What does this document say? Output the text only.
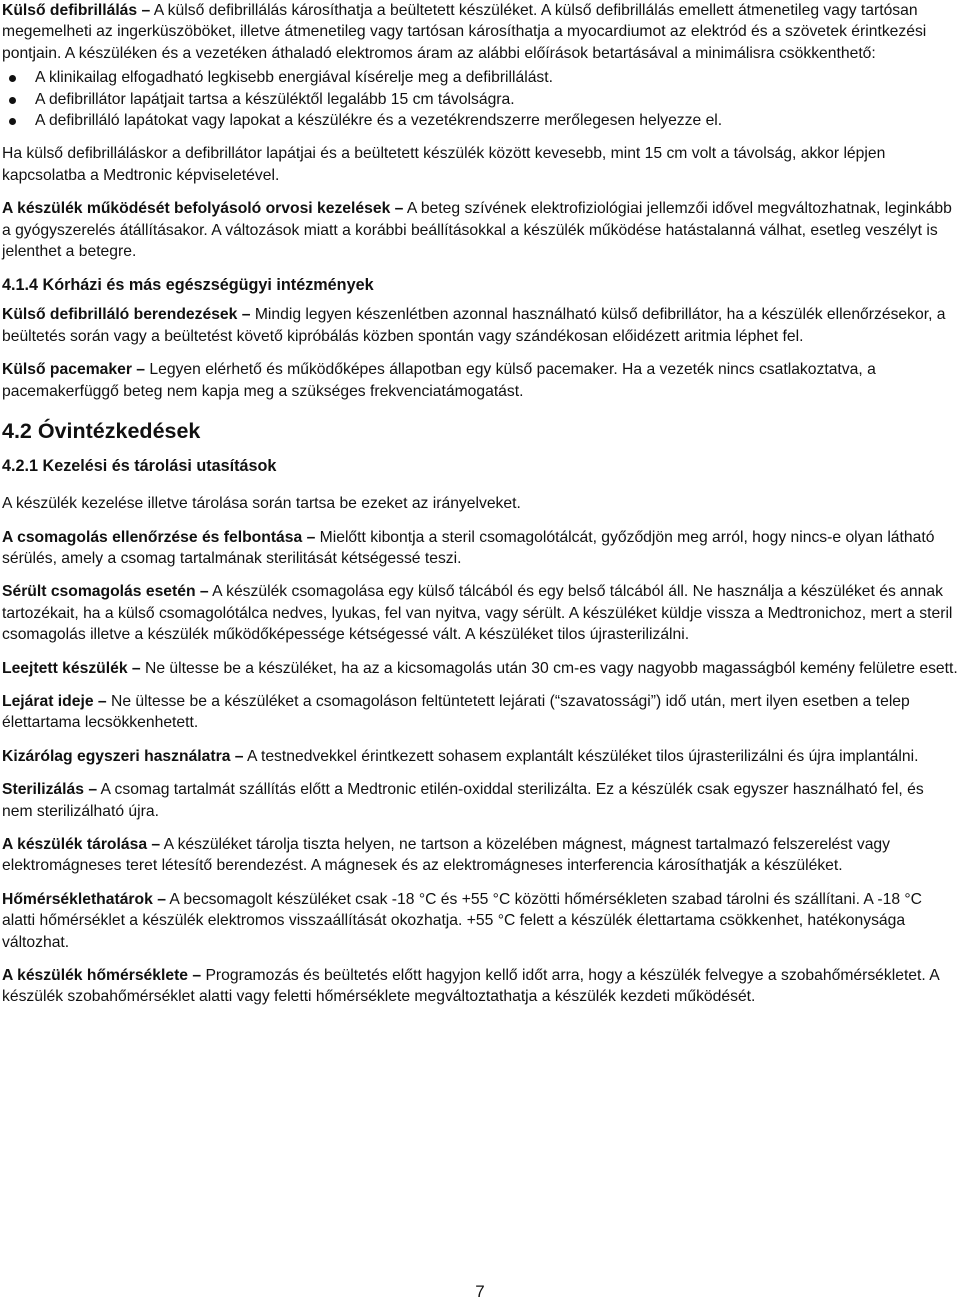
Külső defibrillálás – A külső defibrillálás károsíthatja a beültetett készüléket. A külső defibrillálás emellett átmenetileg vagy tartósan megemelheti az ingerküszöböket, illetve átmenetileg vagy tartósan károsíthatja a myocardiumot az elektród és a szövetek érintkezési pontjain. A készüléken és a vezetéken áthaladó elektromos áram az alábbi előírások betartásával a minimálisra csökkenthető:

A klinikailag elfogadható legkisebb energiával kísérelje meg a defibrillálást.
A defibrillátor lapátjait tartsa a készüléktől legalább 15 cm távolságra.
A defibrilláló lapátokat vagy lapokat a készülékre és a vezetékrendszerre merőlegesen helyezze el.

Ha külső defibrilláláskor a defibrillátor lapátjai és a beültetett készülék között kevesebb, mint 15 cm volt a távolság, akkor lépjen kapcsolatba a Medtronic képviseletével.

A készülék működését befolyásoló orvosi kezelések – A beteg szívének elektrofiziológiai jellemzői idővel megváltozhatnak, leginkább a gyógyszerelés átállításakor. A változások miatt a korábbi beállításokkal a készülék működése hatástalanná válhat, esetleg veszélyt is jelenthet a betegre.

4.1.4 Kórházi és más egészségügyi intézmények

Külső defibrilláló berendezések – Mindig legyen készenlétben azonnal használható külső defibrillátor, ha a készülék ellenőrzésekor, a beültetés során vagy a beültetést követő kipróbálás közben spontán vagy szándékosan előidézett aritmia léphet fel.

Külső pacemaker – Legyen elérhető és működőképes állapotban egy külső pacemaker. Ha a vezeték nincs csatlakoztatva, a pacemakerfüggő beteg nem kapja meg a szükséges frekvenciatámogatást.

4.2 Óvintézkedések
4.2.1 Kezelési és tárolási utasítások

A készülék kezelése illetve tárolása során tartsa be ezeket az irányelveket.

A csomagolás ellenőrzése és felbontása – Mielőtt kibontja a steril csomagolótálcát, győződjön meg arról, hogy nincs-e olyan látható sérülés, amely a csomag tartalmának sterilitását kétségessé teszi.

Sérült csomagolás esetén – A készülék csomagolása egy külső tálcából és egy belső tálcából áll. Ne használja a készüléket és annak tartozékait, ha a külső csomagolótálca nedves, lyukas, fel van nyitva, vagy sérült. A készüléket küldje vissza a Medtronichoz, mert a steril csomagolás illetve a készülék működőképessége kétségessé vált. A készüléket tilos újrasterilizálni.

Leejtett készülék – Ne ültesse be a készüléket, ha az a kicsomagolás után 30 cm-es vagy nagyobb magasságból kemény felületre esett.

Lejárat ideje – Ne ültesse be a készüléket a csomagoláson feltüntetett lejárati (“szavatossági”) idő után, mert ilyen esetben a telep élettartama lecsökkenhetett.

Kizárólag egyszeri használatra – A testnedvekkel érintkezett sohasem explantált készüléket tilos újrasterilizálni és újra implantálni.

Sterilizálás – A csomag tartalmát szállítás előtt a Medtronic etilén-oxiddal sterilizálta. Ez a készülék csak egyszer használható fel, és nem sterilizálható újra.

A készülék tárolása – A készüléket tárolja tiszta helyen, ne tartson a közelében mágnest, mágnest tartalmazó felszerelést vagy elektromágneses teret létesítő berendezést. A mágnesek és az elektromágneses interferencia károsíthatják a készüléket.

Hőmérséklethatárok – A becsomagolt készüléket csak -18 °C és +55 °C közötti hőmérsékleten szabad tárolni és szállítani. A -18 °C alatti hőmérséklet a készülék elektromos visszaállítását okozhatja. +55 °C felett a készülék élettartama csökkenhet, hatékonysága változhat.

A készülék hőmérséklete – Programozás és beültetés előtt hagyjon kellő időt arra, hogy a készülék felvegye a szobahőmérsékletet. A készülék szobahőmérséklet alatti vagy feletti hőmérséklete megváltoztathatja a készülék kezdeti működését.

7
